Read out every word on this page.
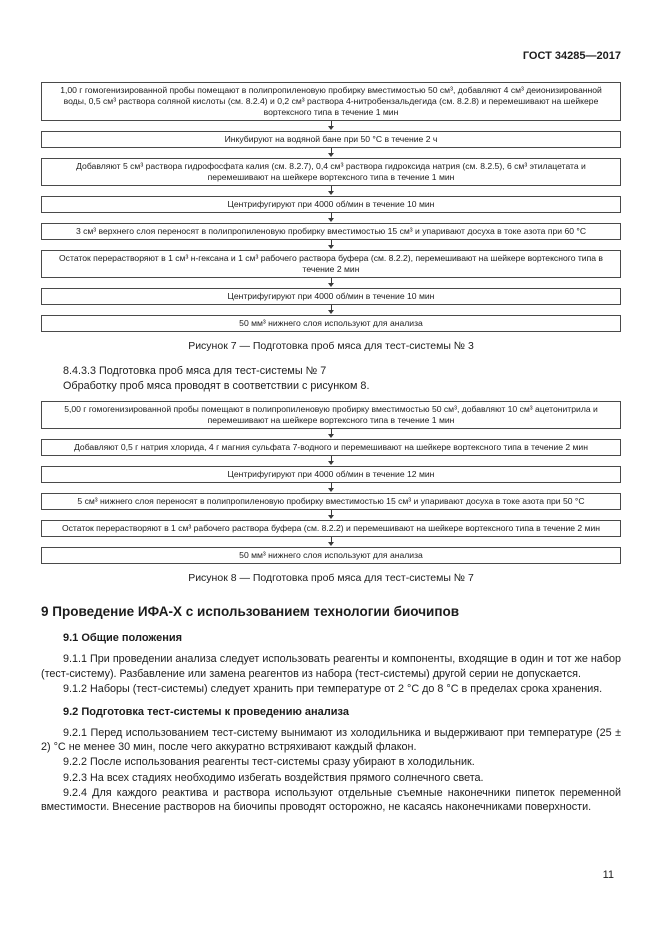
ГОСТ 34285—2017
1,00 г гомогенизированной пробы помещают в полипропиленовую пробирку вместимостью 50 см³, добавляют 4 см³ деионизированной воды, 0,5 см³ раствора соляной кислоты (см. 8.2.4) и 0,2 см³ раствора 4-нитробензальдегида (см. 8.2.8) и перемешивают на шейкере вортексного типа в течение 1 мин
Инкубируют на водяной бане при 50 °С в течение 2 ч
Добавляют 5 см³ раствора гидрофосфата калия (см. 8.2.7), 0,4 см³ раствора гидроксида натрия (см. 8.2.5), 6 см³ этилацетата и перемешивают на шейкере вортексного типа в течение 1 мин
Центрифугируют при 4000 об/мин в течение 10 мин
3 см³ верхнего слоя переносят в полипропиленовую пробирку вместимостью 15 см³ и упаривают досуха в токе азота при 60 °С
Остаток перерастворяют в 1 см³ н-гексана и 1 см³ рабочего раствора буфера (см. 8.2.2), перемешивают на шейкере вортексного типа в течение 2 мин
Центрифугируют при 4000 об/мин в течение 10 мин
50 мм³ нижнего слоя используют для анализа
Рисунок 7 — Подготовка проб мяса для тест-системы № 3

8.4.3.3 Подготовка проб мяса для тест-системы № 7

Обработку проб мяса проводят в соответствии с рисунком 8.

5,00 г гомогенизированной пробы помещают в полипропиленовую пробирку вместимостью 50 см³, добавляют 10 см³ ацетонитрила и перемешивают на шейкере вортексного типа в течение 1 мин
Добавляют 0,5 г натрия хлорида, 4 г магния сульфата 7-водного и перемешивают на шейкере вортексного типа в течение 2 мин
Центрифугируют при 4000 об/мин в течение 12 мин
5 см³ нижнего слоя переносят в полипропиленовую пробирку вместимостью 15 см³ и упаривают досуха в токе азота при 50 °С
Остаток перерастворяют в 1 см³ рабочего раствора буфера (см. 8.2.2) и перемешивают на шейкере вортексного типа в течение 2 мин
50 мм³ нижнего слоя используют для анализа
Рисунок 8 — Подготовка проб мяса для тест-системы № 7
9 Проведение ИФА-Х с использованием технологии биочипов
9.1 Общие положения

9.1.1 При проведении анализа следует использовать реагенты и компоненты, входящие в один и тот же набор (тест-систему). Разбавление или замена реагентов из набора (тест-системы) другой серии не допускается.

9.1.2 Наборы (тест-системы) следует хранить при температуре от 2 °С до 8 °С в пределах срока хранения.

9.2 Подготовка тест-системы к проведению анализа

9.2.1 Перед использованием тест-систему вынимают из холодильника и выдерживают при температуре (25 ± 2) °С не менее 30 мин, после чего аккуратно встряхивают каждый флакон.

9.2.2 После использования реагенты тест-системы сразу убирают в холодильник.

9.2.3 На всех стадиях необходимо избегать воздействия прямого солнечного света.

9.2.4 Для каждого реактива и раствора используют отдельные съемные наконечники пипеток переменной вместимости. Внесение растворов на биочипы проводят осторожно, не касаясь наконечниками поверхности.

11
